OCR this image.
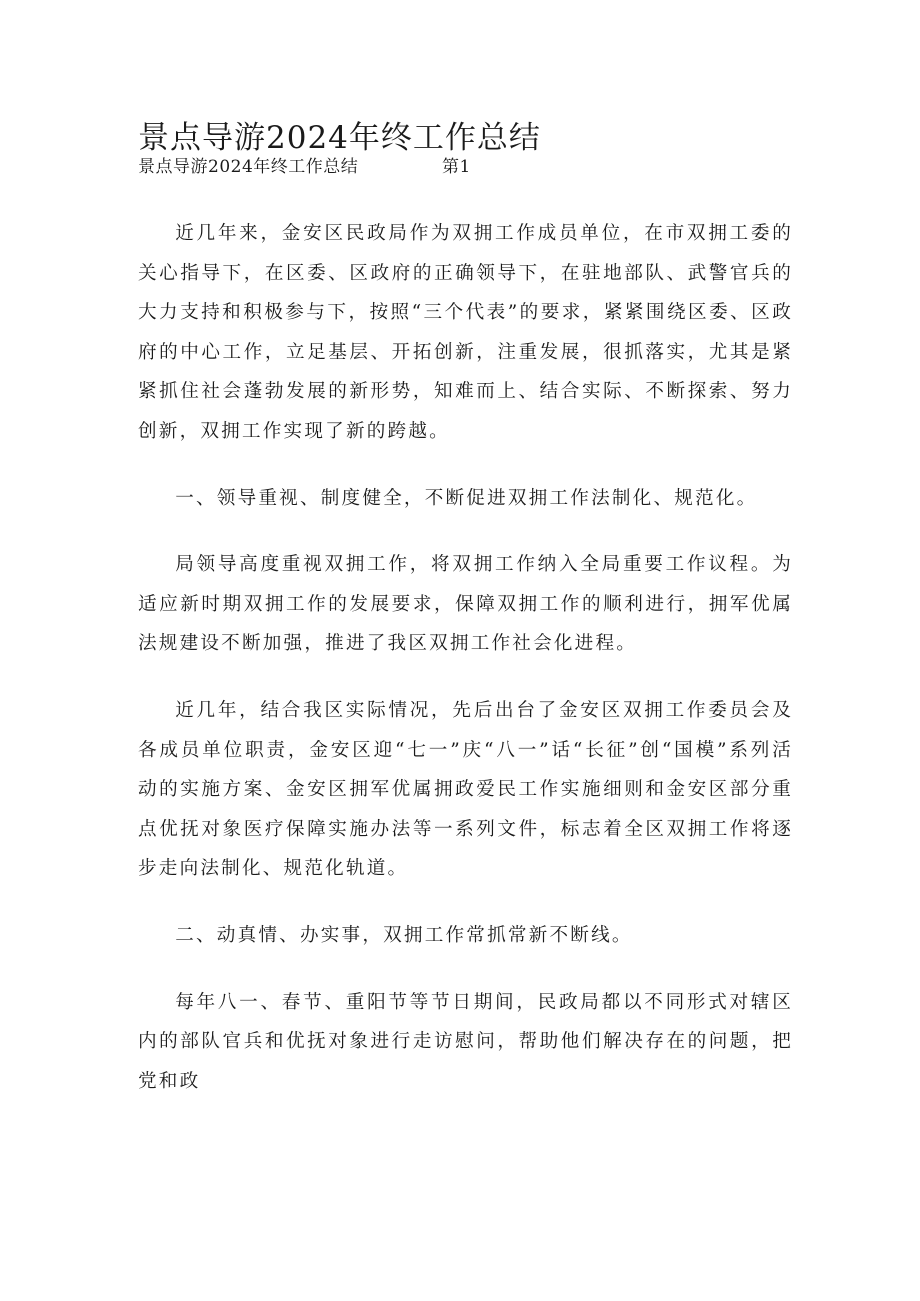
景点导游2024年终工作总结
景点导游2024年终工作总结	第1

近几年来，金安区民政局作为双拥工作成员单位，在市双拥工委的关心指导下，在区委、区政府的正确领导下，在驻地部队、武警官兵的大力支持和积极参与下，按照“三个代表”的要求，紧紧围绕区委、区政府的中心工作，立足基层、开拓创新，注重发展，很抓落实，尤其是紧紧抓住社会蓬勃发展的新形势，知难而上、结合实际、不断探索、努力创新，双拥工作实现了新的跨越。

一、领导重视、制度健全，不断促进双拥工作法制化、规范化。

局领导高度重视双拥工作，将双拥工作纳入全局重要工作议程。为适应新时期双拥工作的发展要求，保障双拥工作的顺利进行，拥军优属法规建设不断加强，推进了我区双拥工作社会化进程。

近几年，结合我区实际情况，先后出台了金安区双拥工作委员会及各成员单位职责，金安区迎“七一”庆“八一”话“长征”创“国模”系列活动的实施方案、金安区拥军优属拥政爱民工作实施细则和金安区部分重点优抚对象医疗保障实施办法等一系列文件，标志着全区双拥工作将逐步走向法制化、规范化轨道。

二、动真情、办实事，双拥工作常抓常新不断线。

每年八一、春节、重阳节等节日期间，民政局都以不同形式对辖区内的部队官兵和优抚对象进行走访慰问，帮助他们解决存在的问题，把党和政
